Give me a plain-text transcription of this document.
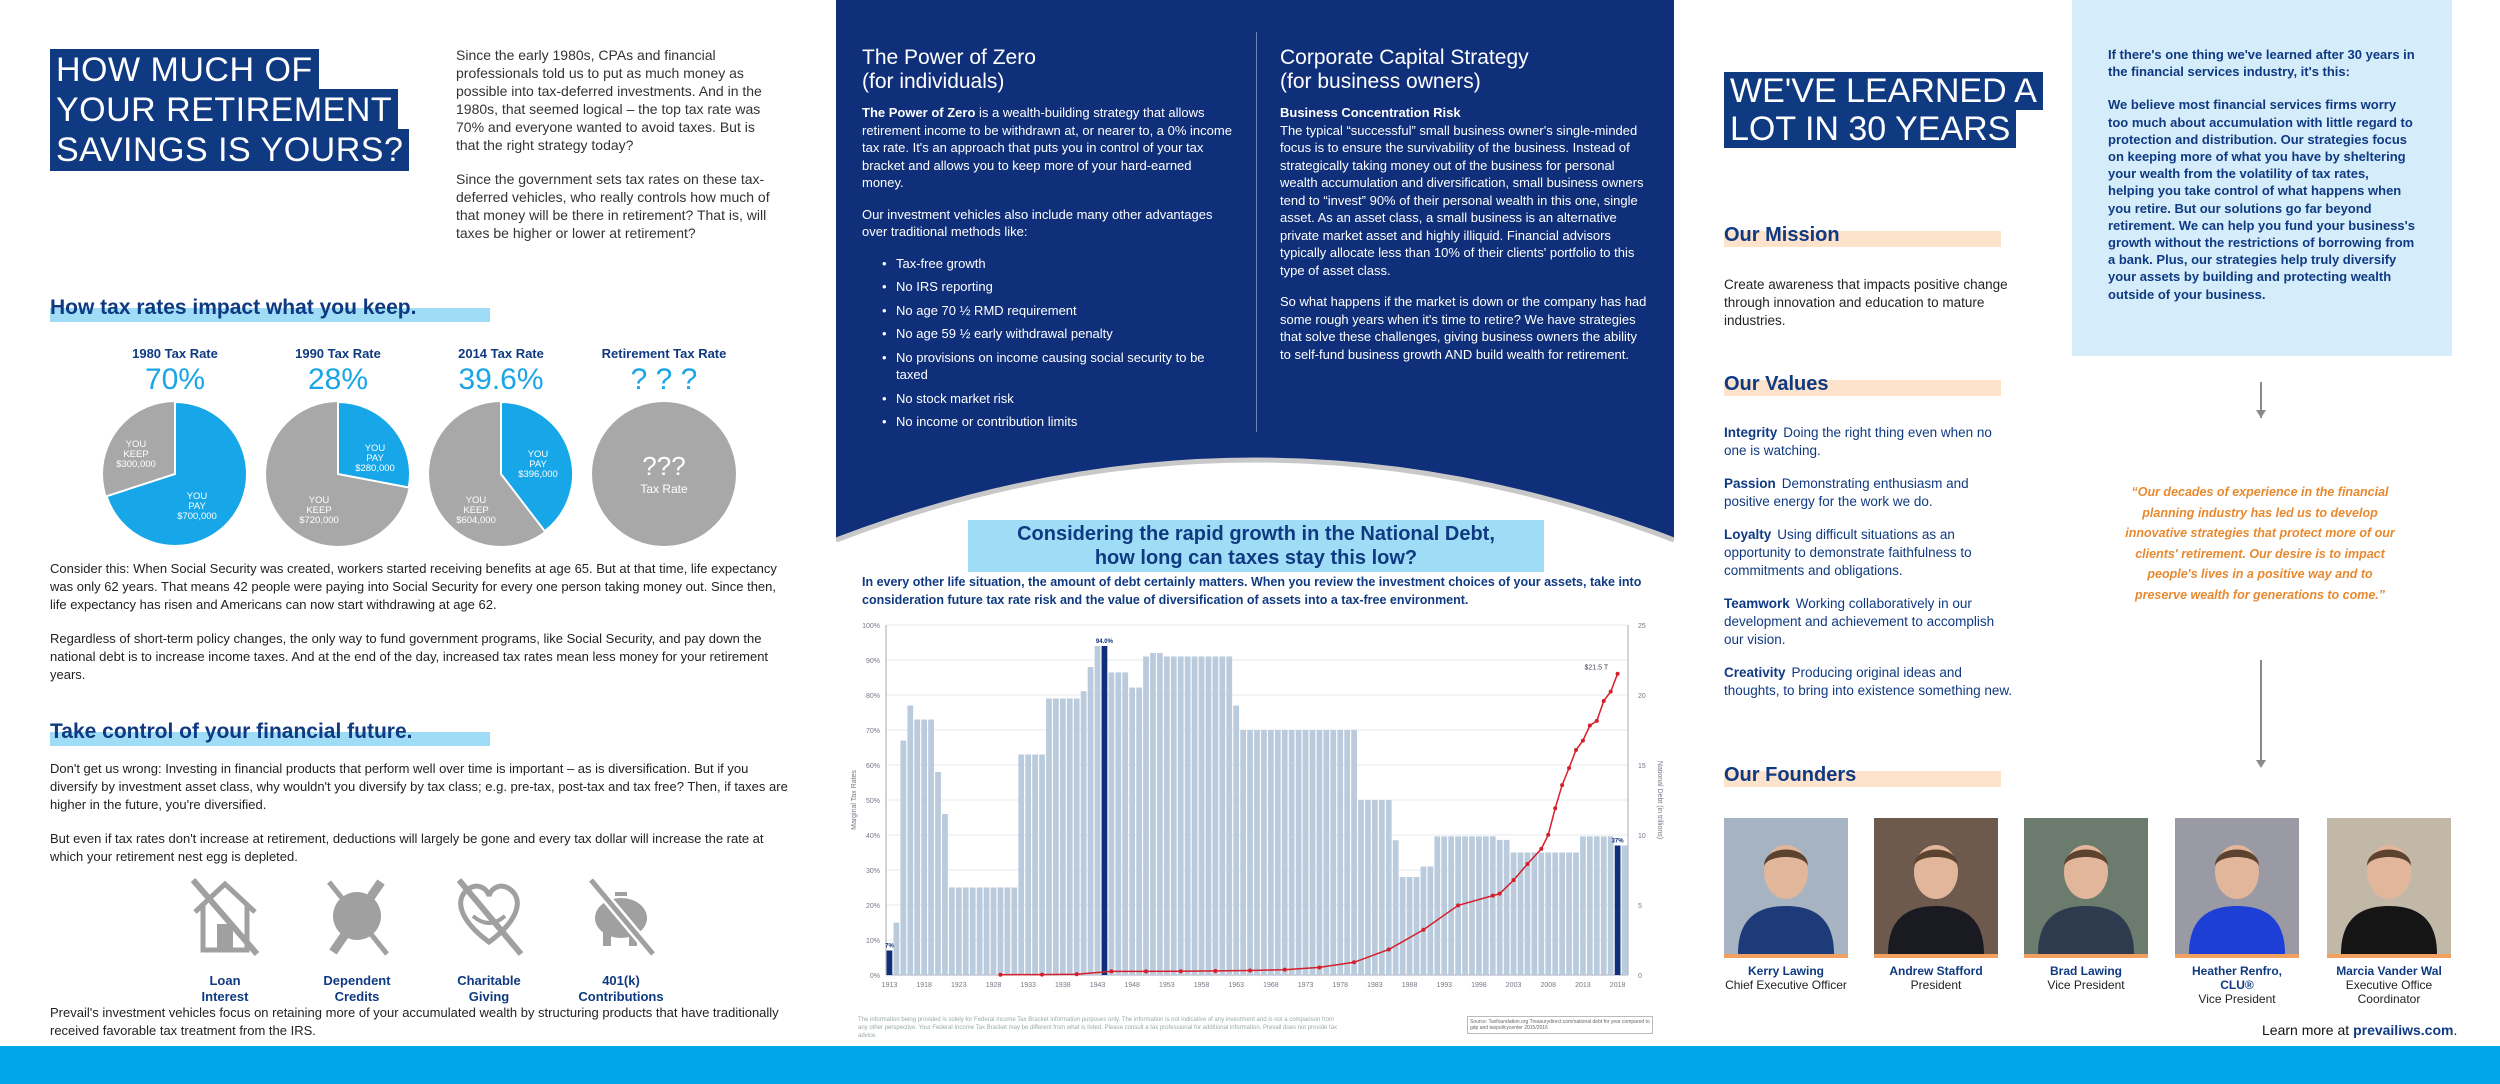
HOW MUCH OF YOUR RETIREMENT SAVINGS IS YOURS?

Since the early 1980s, CPAs and financial professionals told us to put as much money as possible into tax-deferred investments. And in the 1980s, that seemed logical – the top tax rate was 70% and everyone wanted to avoid taxes. But is that the right strategy today?

Since the government sets tax rates on these tax-deferred vehicles, who really controls how much of that money will be there in retirement? That is, will taxes be higher or lower at retirement?

How tax rates impact what you keep.
1980 Tax Rate
70%
YOU
KEEP
$300,000
YOU
PAY
$700,000
1990 Tax Rate
28%
YOU
PAY
$280,000
YOU
KEEP
$720,000
2014 Tax Rate
39.6%
YOU
PAY
$396,000
YOU
KEEP
$604,000
Retirement Tax Rate
? ? ?
???
Tax Rate

Consider this: When Social Security was created, workers started receiving benefits at age 65. But at that time, life expectancy was only 62 years. That means 42 people were paying into Social Security for every one person taking money out. Since then, life expectancy has risen and Americans can now start withdrawing at age 62.

Regardless of short-term policy changes, the only way to fund government programs, like Social Security, and pay down the national debt is to increase income taxes. And at the end of the day, increased tax rates mean less money for your retirement years.

Take control of your financial future.

Don't get us wrong: Investing in financial products that perform well over time is important – as is diversification. But if you diversify by investment asset class, why wouldn't you diversify by tax class; e.g. pre-tax, post-tax and tax free? Then, if taxes are higher in the future, you're diversified.

But even if tax rates don't increase at retirement, deductions will largely be gone and every tax dollar will increase the rate at which your retirement nest egg is depleted.

Loan
Interest
Dependent
Credits
Charitable
Giving
401(k)
Contributions
Prevail's investment vehicles focus on retaining more of your accumulated wealth by structuring products that have traditionally received favorable tax treatment from the IRS.
The Power of Zero
(for individuals)

The Power of Zero is a wealth-building strategy that allows retirement income to be withdrawn at, or nearer to, a 0% income tax rate. It's an approach that puts you in control of your tax bracket and allows you to keep more of your hard-earned money.

Our investment vehicles also include many other advantages over traditional methods like:

• Tax-free growth
• No IRS reporting
• No age 70 ½ RMD requirement
• No age 59 ½ early withdrawal penalty
• No provisions on income causing social security to be taxed
• No stock market risk
• No income or contribution limits
Corporate Capital Strategy
(for business owners)
Business Concentration Risk

The typical “successful” small business owner's single-minded focus is to ensure the survivability of the business. Instead of strategically taking money out of the business for personal wealth accumulation and diversification, small business owners tend to “invest” 90% of their personal wealth in this one, single asset. As an asset class, a small business is an alternative private market asset and highly illiquid. Financial advisors typically allocate less than 10% of their clients' portfolio to this type of asset class.

So what happens if the market is down or the company has had some rough years when it's time to retire? We have strategies that solve these challenges, giving business owners the ability to self-fund business growth AND build wealth for retirement.

Considering the rapid growth in the National Debt,
how long can taxes stay this low?
In every other life situation, the amount of debt certainly matters. When you review the investment choices of your assets, take into consideration future tax rate risk and the value of diversification of assets into a tax-free environment.
0%
10%
20%
30%
40%
50%
60%
70%
80%
90%
100%
0
5
10
15
20
25
7%
94.0%
37%
1913	1918	1923	1928	1933	1938	1943	1948	1953	1958	1963	1968	1973	1978	1983	1988	1993	1998	2003	2008	2013	2018
$21.5 T
Marginal Tax Rates	National Debt (in trillions)
The information being provided is solely for Federal Income Tax Bracket information purposes only. The information is not indicative of any investment and is not a comparison from any other perspective. Your Federal Income Tax Bracket may be different from what is listed. Please consult a tax professional for additional information. Prevail does not provide tax advice.
Source: Taxfoundation.org Treasurydirect.com/national debt for year compared to gdp and taxpolicycenter 2015/2016
WE'VE LEARNED A LOT IN 30 YEARS
Our Mission
Create awareness that impacts positive change through innovation and education to mature industries.
Our Values
Integrity Doing the right thing even when no one is watching.
Passion Demonstrating enthusiasm and positive energy for the work we do.
Loyalty Using difficult situations as an opportunity to demonstrate faithfulness to commitments and obligations.
Teamwork Working collaboratively in our development and achievement to accomplish our vision.
Creativity Producing original ideas and thoughts, to bring into existence something new.
Our Founders
Kerry Lawing
Chief Executive Officer
Andrew Stafford
President
Brad Lawing
Vice President
Heather Renfro, CLU®
Vice President
Marcia Vander Wal
Executive Office Coordinator

If there's one thing we've learned after 30 years in the financial services industry, it's this:

We believe most financial services firms worry too much about accumulation with little regard to protection and distribution. Our strategies focus on keeping more of what you have by sheltering your wealth from the volatility of tax rates, helping you take control of what happens when you retire. But our solutions go far beyond retirement. We can help you fund your business's growth without the restrictions of borrowing from a bank. Plus, our strategies help truly diversify your assets by building and protecting wealth outside of your business.

“Our decades of experience in the financial planning industry has led us to develop innovative strategies that protect more of our clients' retirement. Our desire is to impact people's lives in a positive way and to preserve wealth for generations to come.”
Learn more at prevailiws.com.
